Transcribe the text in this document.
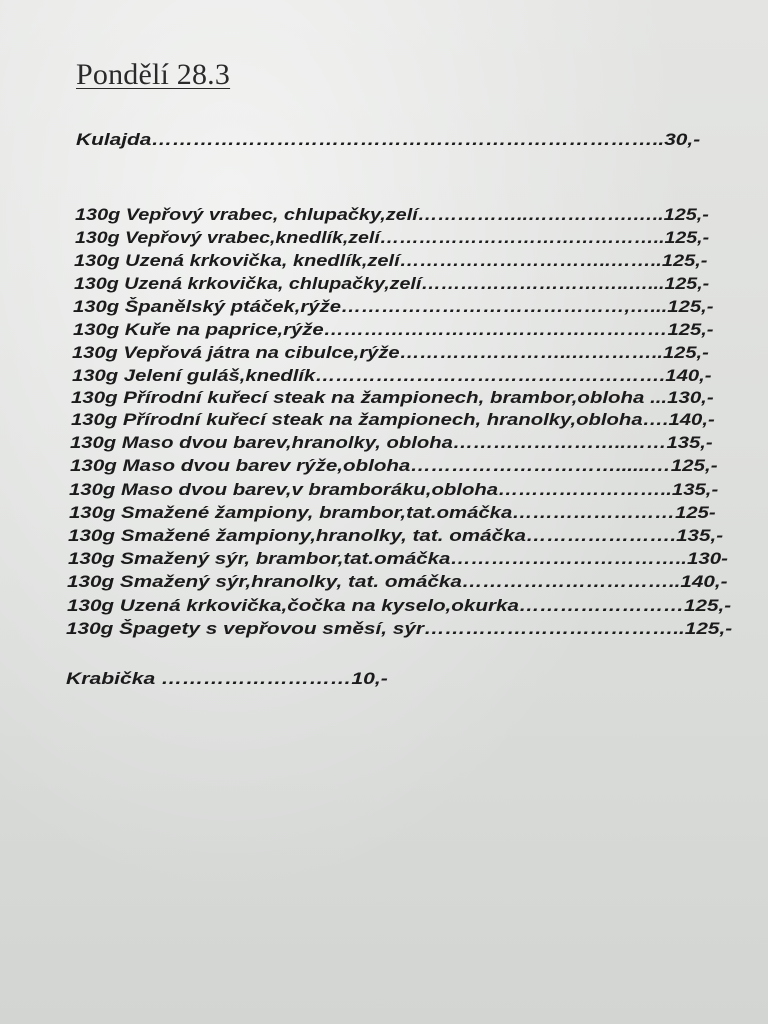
Pondělí 28.3
Kulajda………………………………………………………………..30,-
130g Vepřový vrabec, chlupačky,zelí……………..…………….…..125,-
130g Vepřový vrabec,knedlík,zelí……………………………………..125,-
130g Uzená krkovička, knedlík,zelí…………………………..……..125,-
130g Uzená krkovička, chlupačky,zelí…………………………..…...125,-
130g Španělský ptáček,rýže……………………………………,…...125,-
130g Kuře na paprice,rýže……………………………………………125,-
130g Vepřová játra na cibulce,rýže……………………..…………..125,-
130g Jelení guláš,knedlík…………………………………………….140,-
130g Přírodní kuřecí steak na žampionech, brambor,obloha ...130,-
130g Přírodní kuřecí steak na žampionech, hranolky,obloha….140,-
130g Maso dvou barev,hranolky, obloha……………………..……135,-
130g Maso dvou barev rýže,obloha…………………………......…125,-
130g Maso dvou barev,v bramboráku,obloha……………………..135,-
130g Smažené žampiony, brambor,tat.omáčka……………………125-
130g Smažené žampiony,hranolky, tat. omáčka………………….135,-
130g Smažený sýr, brambor,tat.omáčka……………………………..130-
130g Smažený sýr,hranolky, tat. omáčka…………………………..140,-
130g Uzená krkovička,čočka na kyselo,okurka……………………125,-
130g Špagety s vepřovou směsí, sýr………………………………..125,-
Krabička ………………………10,-
